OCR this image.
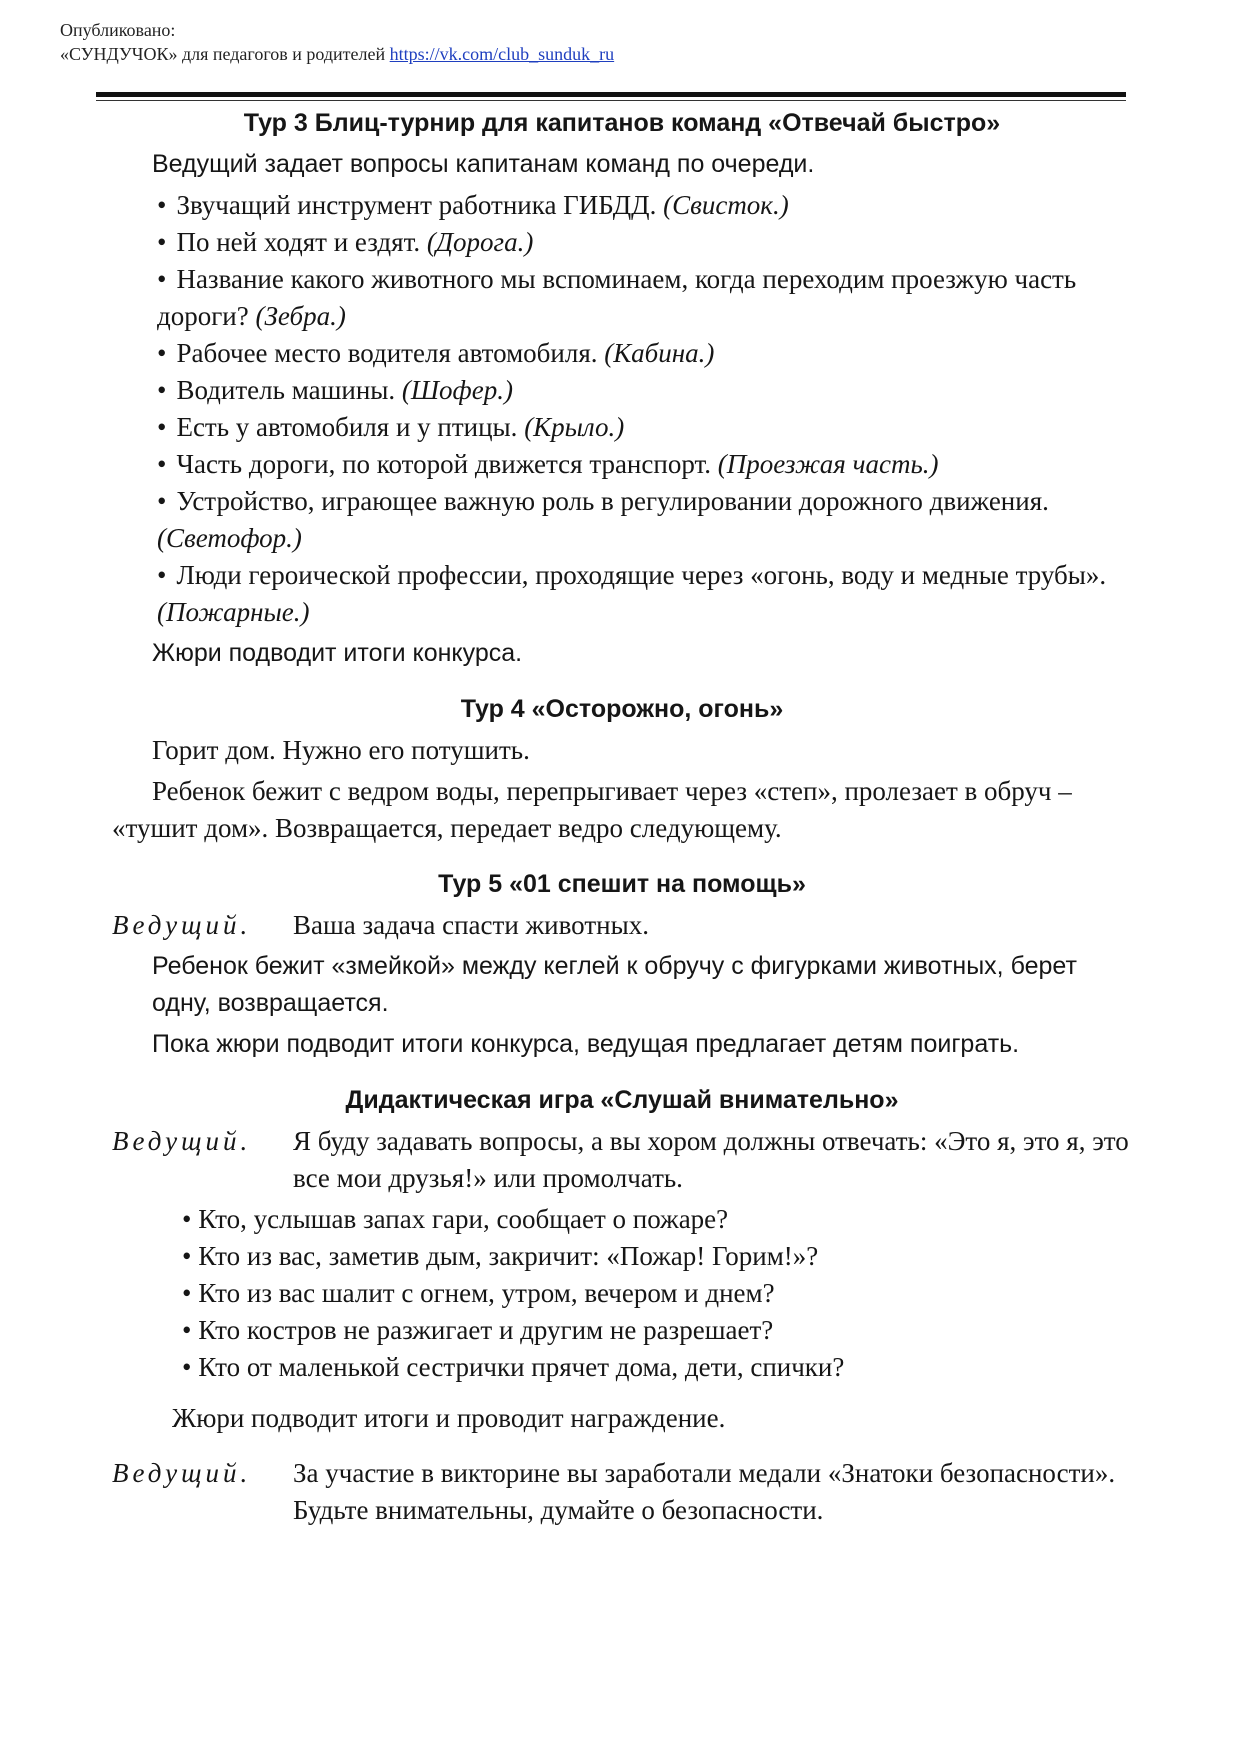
Опубликовано:
«СУНДУЧОК» для педагогов и родителей https://vk.com/club_sunduk_ru
Тур 3 Блиц-турнир для капитанов команд «Отвечай быстро»
Ведущий задает вопросы капитанам команд по очереди.
• Звучащий инструмент работника ГИБДД. (Свисток.)
• По ней ходят и ездят. (Дорога.)
• Название какого животного мы вспоминаем, когда переходим проезжую часть дороги? (Зебра.)
• Рабочее место водителя автомобиля. (Кабина.)
• Водитель машины. (Шофер.)
• Есть у автомобиля и у птицы. (Крыло.)
• Часть дороги, по которой движется транспорт. (Проезжая часть.)
• Устройство, играющее важную роль в регулировании дорожного движения. (Светофор.)
• Люди героической профессии, проходящие через «огонь, воду и медные трубы». (Пожарные.)
Жюри подводит итоги конкурса.
Тур 4 «Осторожно, огонь»
Горит дом. Нужно его потушить.
Ребенок бежит с ведром воды, перепрыгивает через «степ», пролезает в обруч – «тушит дом». Возвращается, передает ведро следующему.
Тур 5 «01 спешит на помощь»
Ведущий.	Ваша задача спасти животных.
Ребенок бежит «змейкой» между кеглей к обручу с фигурками животных, берет одну, возвращается.
Пока жюри подводит итоги конкурса, ведущая предлагает детям поиграть.
Дидактическая игра «Слушай внимательно»
Ведущий.	Я буду задавать вопросы, а вы хором должны отвечать: «Это я, это я, это все мои друзья!» или промолчать.
• Кто, услышав запах гари, сообщает о пожаре?
• Кто из вас, заметив дым, закричит: «Пожар! Горим!»?
• Кто из вас шалит с огнем, утром, вечером и днем?
• Кто костров не разжигает и другим не разрешает?
• Кто от маленькой сестрички прячет дома, дети, спички?
Жюри подводит итоги и проводит награждение.
Ведущий.	За участие в викторине вы заработали медали «Знатоки безопасности». Будьте внимательны, думайте о безопасности.
